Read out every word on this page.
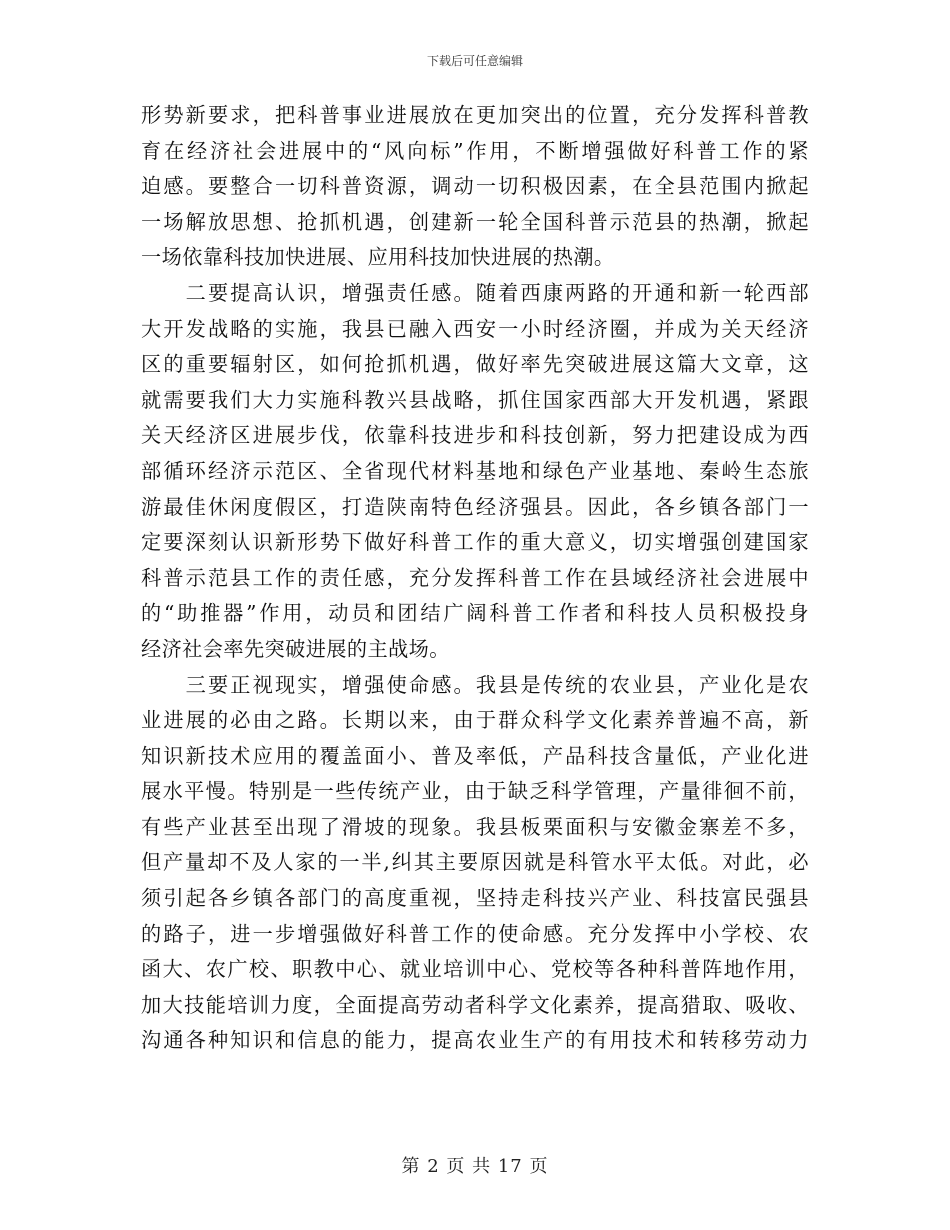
下载后可任意编辑
形势新要求，把科普事业进展放在更加突出的位置，充分发挥科普教
育在经济社会进展中的“风向标”作用，不断增强做好科普工作的紧
迫感。要整合一切科普资源，调动一切积极因素，在全县范围内掀起
一场解放思想、抢抓机遇，创建新一轮全国科普示范县的热潮，掀起
一场依靠科技加快进展、应用科技加快进展的热潮。
　　二要提高认识，增强责任感。随着西康两路的开通和新一轮西部
大开发战略的实施，我县已融入西安一小时经济圈，并成为关天经济
区的重要辐射区，如何抢抓机遇，做好率先突破进展这篇大文章，这
就需要我们大力实施科教兴县战略，抓住国家西部大开发机遇，紧跟
关天经济区进展步伐，依靠科技进步和科技创新，努力把建设成为西
部循环经济示范区、全省现代材料基地和绿色产业基地、秦岭生态旅
游最佳休闲度假区，打造陕南特色经济强县。因此，各乡镇各部门一
定要深刻认识新形势下做好科普工作的重大意义，切实增强创建国家
科普示范县工作的责任感，充分发挥科普工作在县域经济社会进展中
的“助推器”作用，动员和团结广阔科普工作者和科技人员积极投身
经济社会率先突破进展的主战场。
　　三要正视现实，增强使命感。我县是传统的农业县，产业化是农
业进展的必由之路。长期以来，由于群众科学文化素养普遍不高，新
知识新技术应用的覆盖面小、普及率低，产品科技含量低，产业化进
展水平慢。特别是一些传统产业，由于缺乏科学管理，产量徘徊不前，
有些产业甚至出现了滑坡的现象。我县板栗面积与安徽金寨差不多，
但产量却不及人家的一半,纠其主要原因就是科管水平太低。对此，必
须引起各乡镇各部门的高度重视，坚持走科技兴产业、科技富民强县
的路子，进一步增强做好科普工作的使命感。充分发挥中小学校、农
函大、农广校、职教中心、就业培训中心、党校等各种科普阵地作用，
加大技能培训力度，全面提高劳动者科学文化素养，提高猎取、吸收、
沟通各种知识和信息的能力，提高农业生产的有用技术和转移劳动力
第 2 页 共 17 页
